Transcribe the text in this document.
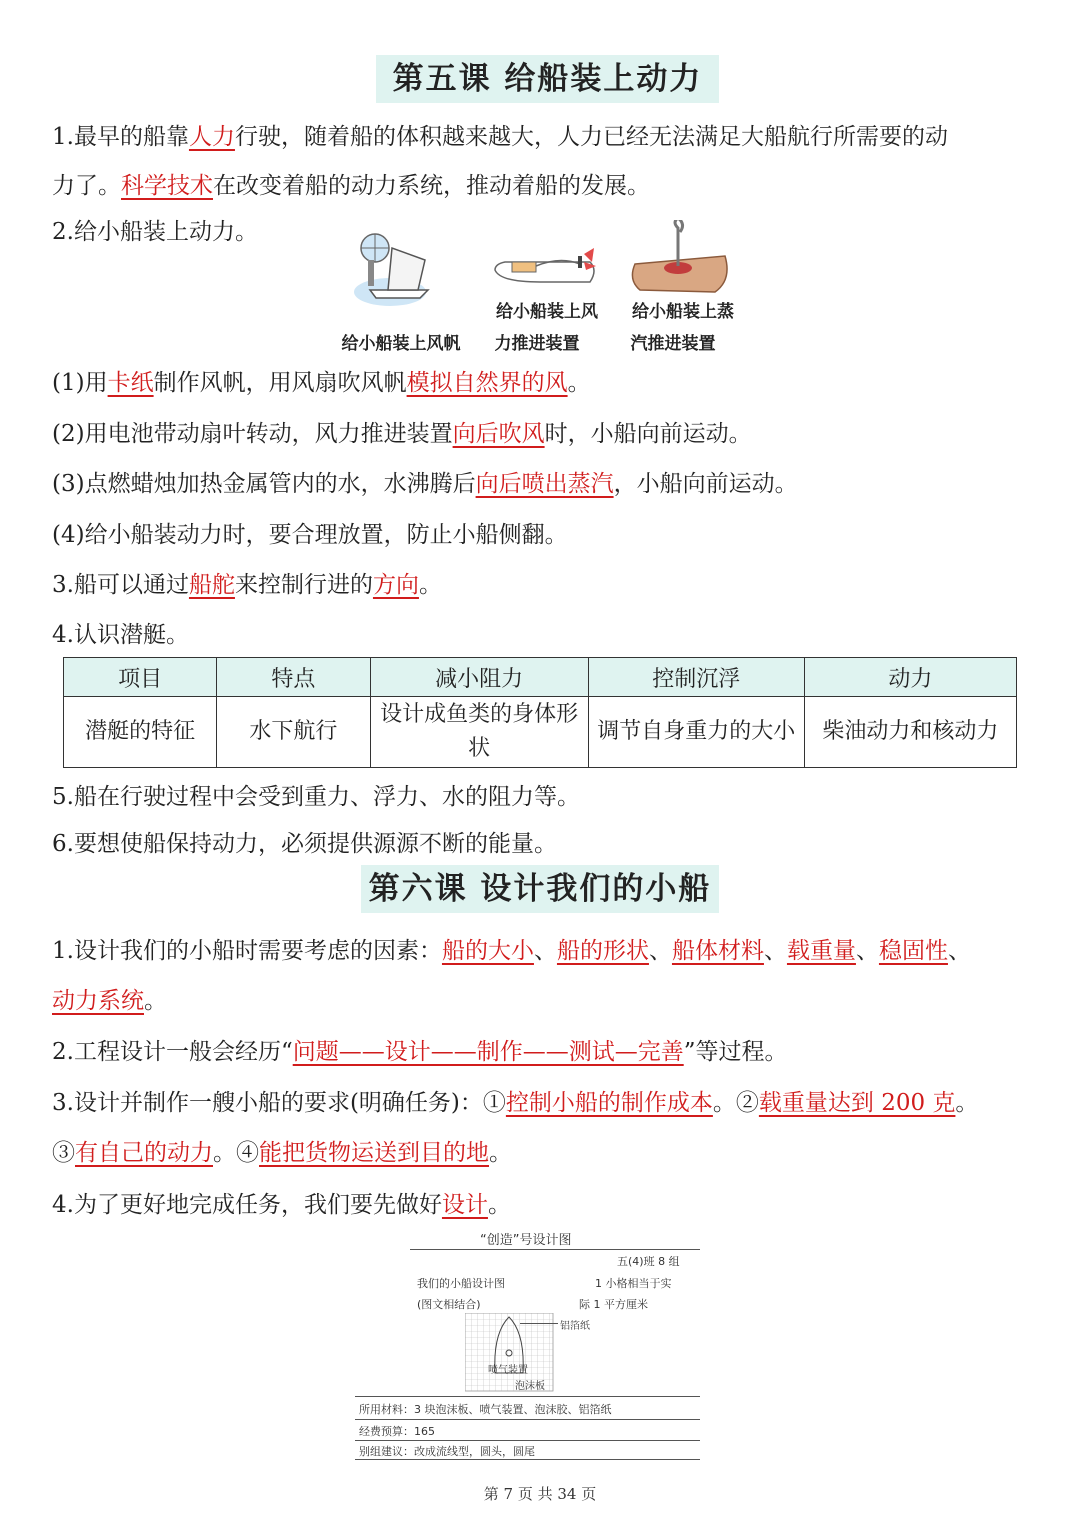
第五课 给船装上动力
1.最早的船靠人力行驶，随着船的体积越来越大，人力已经无法满足大船航行所需要的动
力了。科学技术在改变着船的动力系统，推动着船的发展。
2.给小船装上动力。
给小船装上风帆
给小船装上风
力推进装置
给小船装上蒸
汽推进装置
(1)用卡纸制作风帆，用风扇吹风帆模拟自然界的风。
(2)用电池带动扇叶转动，风力推进装置向后吹风时，小船向前运动。
(3)点燃蜡烛加热金属管内的水，水沸腾后向后喷出蒸汽，小船向前运动。
(4)给小船装动力时，要合理放置，防止小船侧翻。
3.船可以通过船舵来控制行进的方向。
4.认识潜艇。
项目	特点	减小阻力	控制沉浮	动力
潜艇的特征	水下航行	设计成鱼类的身体形状	调节自身重力的大小	柴油动力和核动力
5.船在行驶过程中会受到重力、浮力、水的阻力等。
6.要想使船保持动力，必须提供源源不断的能量。
第六课 设计我们的小船
1.设计我们的小船时需要考虑的因素：船的大小、船的形状、船体材料、载重量、稳固性、
动力系统。
2.工程设计一般会经历“问题——设计——制作——测试—完善”等过程。
3.设计并制作一艘小船的要求(明确任务)：①控制小船的制作成本。②载重量达到 200 克。
③有自己的动力。④能把货物运送到目的地。
4.为了更好地完成任务，我们要先做好设计。
“创造”号设计图
五(4)班 8 组
我们的小船设计图
(图文相结合)
1 小格相当于实
际 1 平方厘米
铝箔纸
喷气装置
泡沫板
所用材料：3 块泡沫板、喷气装置、泡沫胶、铝箔纸
经费预算：165
别组建议：改成流线型，圆头，圆尾
第 7 页 共 34 页
